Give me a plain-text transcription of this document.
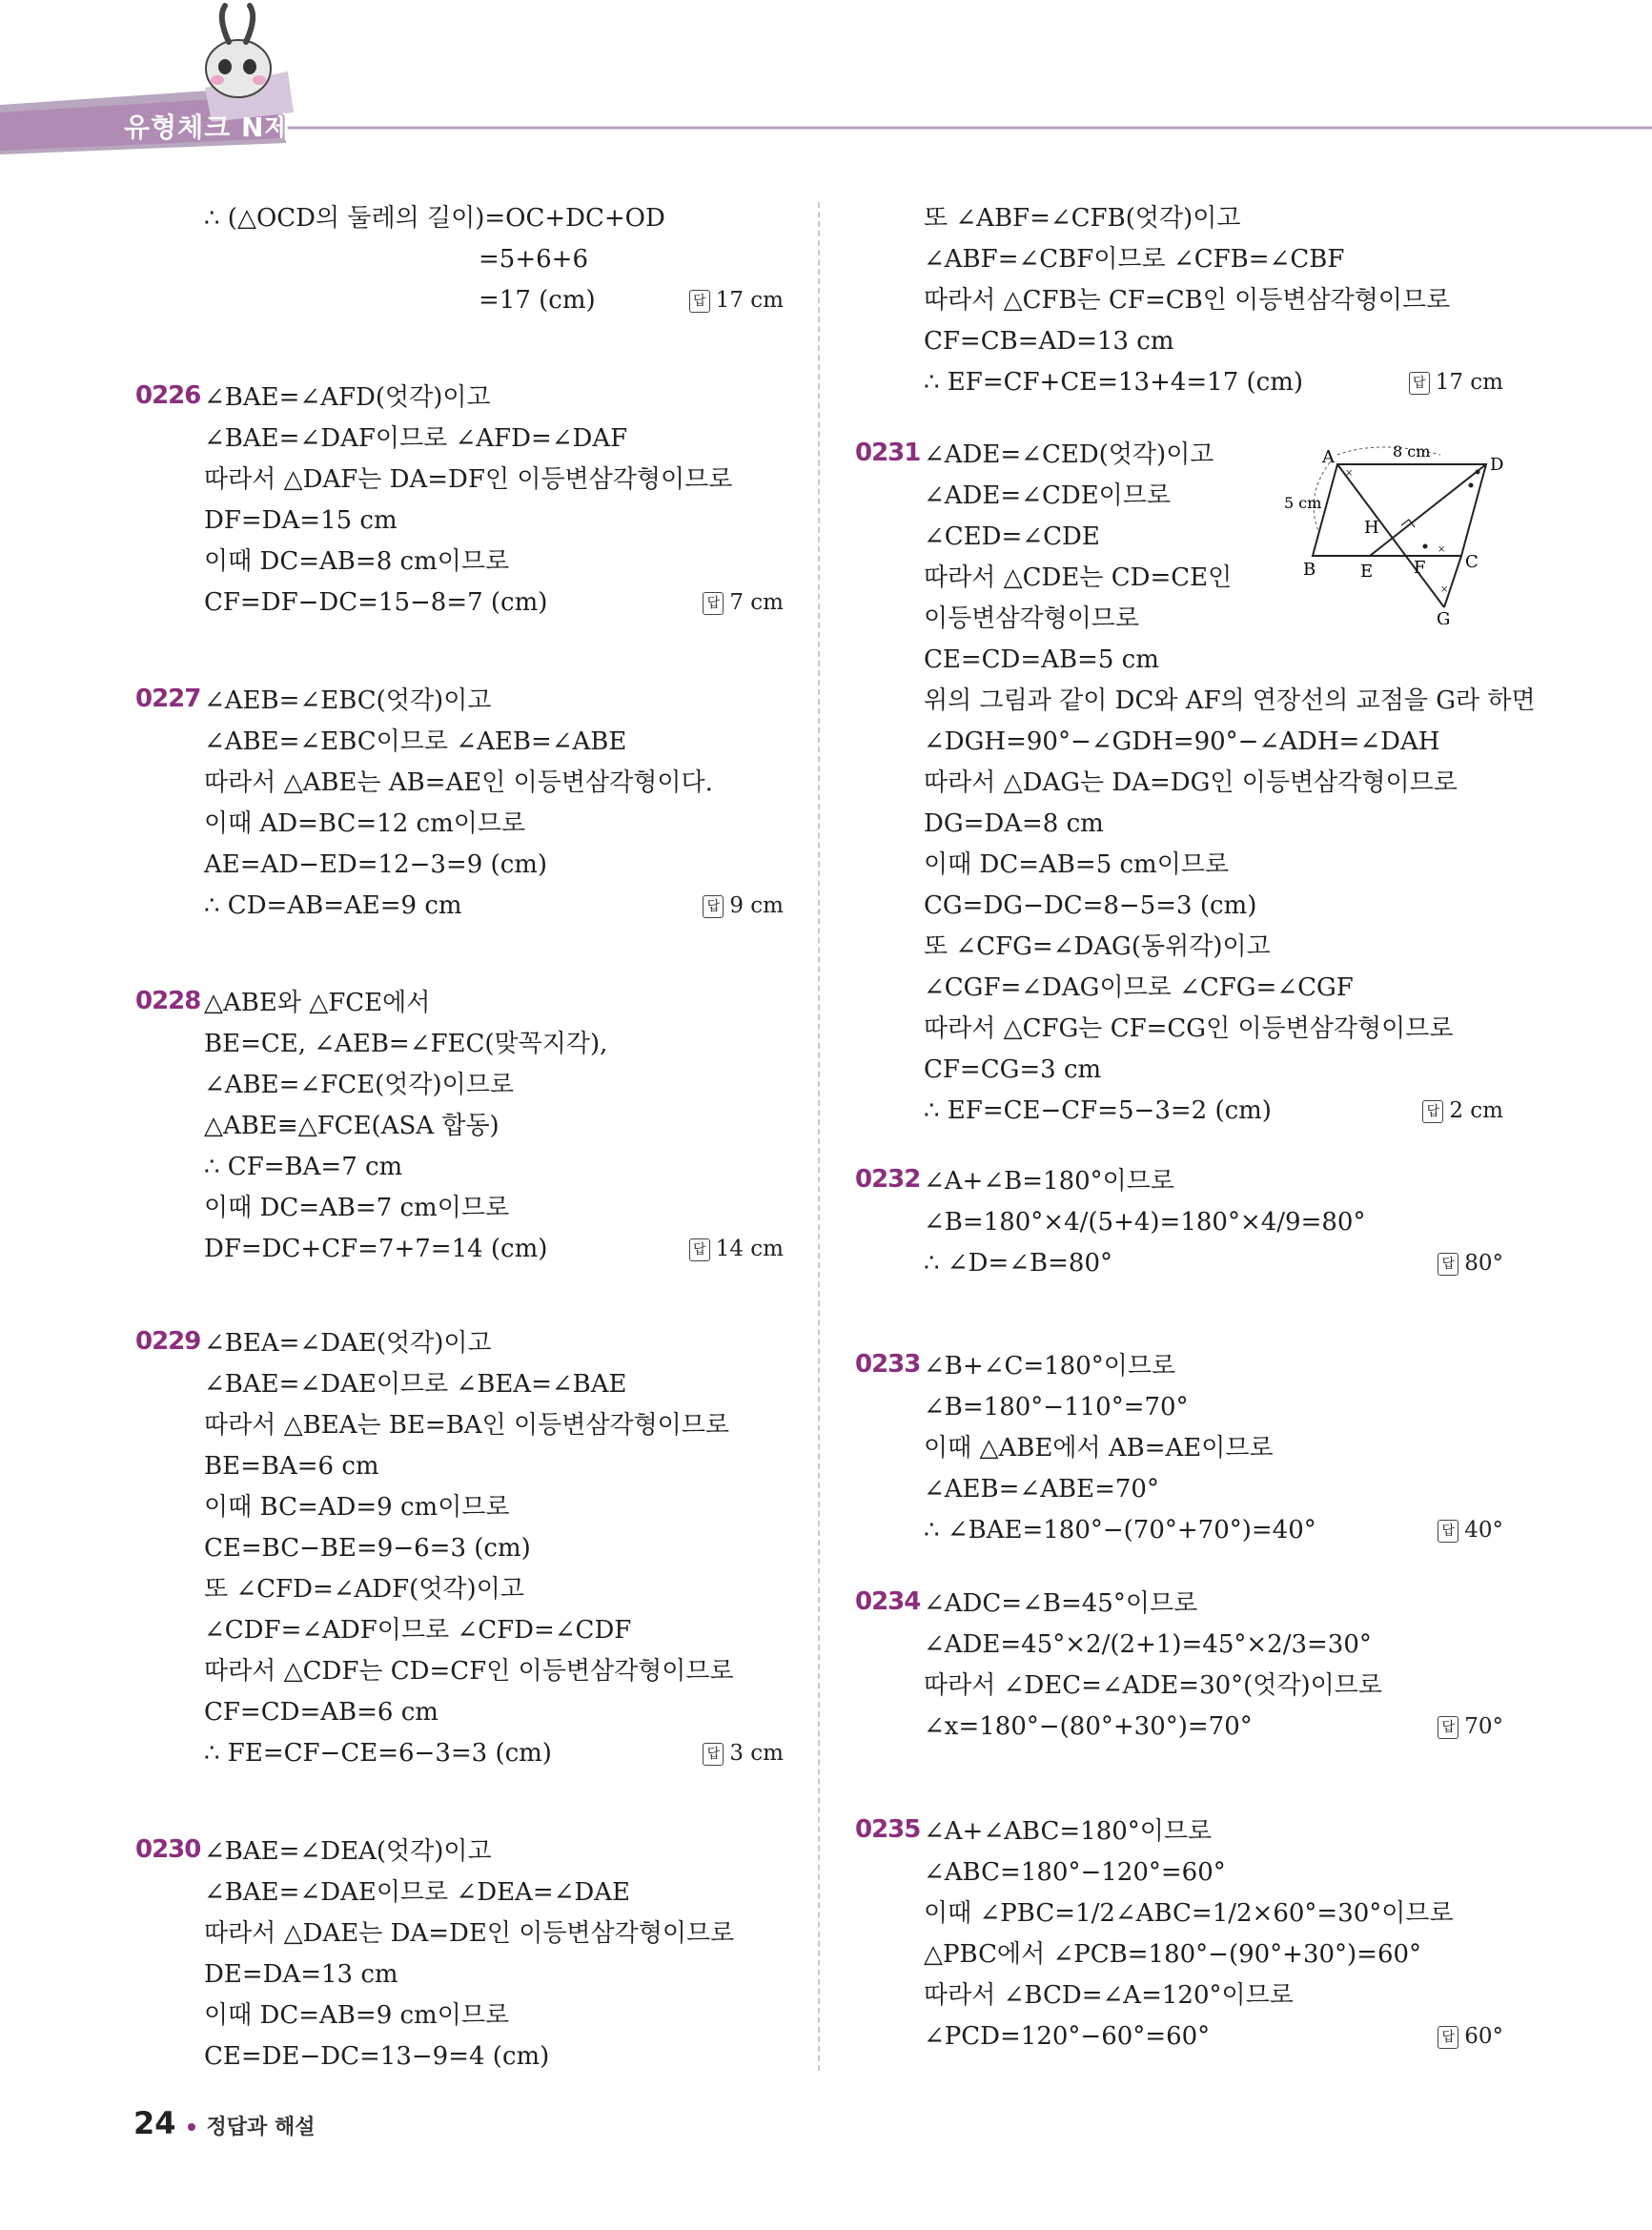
유형체크 N제
∴ (△OCD의 둘레의 길이)=OC+DC+OD
=5+6+6
=17 (cm)	답 17 cm
0226 ∠BAE=∠AFD(엇각)이고
∠BAE=∠DAF이므로 ∠AFD=∠DAF
따라서 △DAF는 DA=DF인 이등변삼각형이므로
DF=DA=15 cm
이때 DC=AB=8 cm이므로
CF=DF−DC=15−8=7 (cm)	답 7 cm
0227 ∠AEB=∠EBC(엇각)이고
∠ABE=∠EBC이므로 ∠AEB=∠ABE
따라서 △ABE는 AB=AE인 이등변삼각형이다.
이때 AD=BC=12 cm이므로
AE=AD−ED=12−3=9 (cm)
∴ CD=AB=AE=9 cm	답 9 cm
0228 △ABE와 △FCE에서
BE=CE, ∠AEB=∠FEC(맞꼭지각),
∠ABE=∠FCE(엇각)이므로
△ABE≡△FCE(ASA 합동)
∴ CF=BA=7 cm
이때 DC=AB=7 cm이므로
DF=DC+CF=7+7=14 (cm)	답 14 cm
0229 ∠BEA=∠DAE(엇각)이고
∠BAE=∠DAE이므로 ∠BEA=∠BAE
따라서 △BEA는 BE=BA인 이등변삼각형이므로
BE=BA=6 cm
이때 BC=AD=9 cm이므로
CE=BC−BE=9−6=3 (cm)
또 ∠CFD=∠ADF(엇각)이고
∠CDF=∠ADF이므로 ∠CFD=∠CDF
따라서 △CDF는 CD=CF인 이등변삼각형이므로
CF=CD=AB=6 cm
∴ FE=CF−CE=6−3=3 (cm)	답 3 cm
0230 ∠BAE=∠DEA(엇각)이고
∠BAE=∠DAE이므로 ∠DEA=∠DAE
따라서 △DAE는 DA=DE인 이등변삼각형이므로
DE=DA=13 cm
이때 DC=AB=9 cm이므로
CE=DE−DC=13−9=4 (cm)
또 ∠ABF=∠CFB(엇각)이고
∠ABF=∠CBF이므로 ∠CFB=∠CBF
따라서 △CFB는 CF=CB인 이등변삼각형이므로
CF=CB=AD=13 cm
∴ EF=CF+CE=13+4=17 (cm)	답 17 cm
0231 ∠ADE=∠CED(엇각)이고
∠ADE=∠CDE이므로
∠CED=∠CDE
따라서 △CDE는 CD=CE인
이등변삼각형이므로
CE=CD=AB=5 cm
위의 그림과 같이 DC와 AF의 연장선의 교점을 G라 하면
∠DGH=90°−∠GDH=90°−∠ADH=∠DAH
따라서 △DAG는 DA=DG인 이등변삼각형이므로
DG=DA=8 cm
이때 DC=AB=5 cm이므로
CG=DG−DC=8−5=3 (cm)
또 ∠CFG=∠DAG(동위각)이고
∠CGF=∠DAG이므로 ∠CFG=∠CGF
따라서 △CFG는 CF=CG인 이등변삼각형이므로
CF=CG=3 cm
∴ EF=CE−CF=5−3=2 (cm)	답 2 cm
0232 ∠A+∠B=180°이므로
∠B=180°×4/(5+4)=180°×4/9=80°
∴ ∠D=∠B=80°	답 80°
0233 ∠B+∠C=180°이므로
∠B=180°−110°=70°
이때 △ABE에서 AB=AE이므로
∠AEB=∠ABE=70°
∴ ∠BAE=180°−(70°+70°)=40°	답 40°
0234 ∠ADC=∠B=45°이므로
∠ADE=45°×2/(2+1)=45°×2/3=30°
따라서 ∠DEC=∠ADE=30°(엇각)이므로
∠x=180°−(80°+30°)=70°	답 70°
0235 ∠A+∠ABC=180°이므로
∠ABC=180°−120°=60°
이때 ∠PBC=1/2∠ABC=1/2×60°=30°이므로
△PBC에서 ∠PCB=180°−(90°+30°)=60°
따라서 ∠BCD=∠A=120°이므로
∠PCD=120°−60°=60°	답 60°
×
×
×
A	D
B	C
E F
G
H
8 cm
5 cm
24 정답과 해설
